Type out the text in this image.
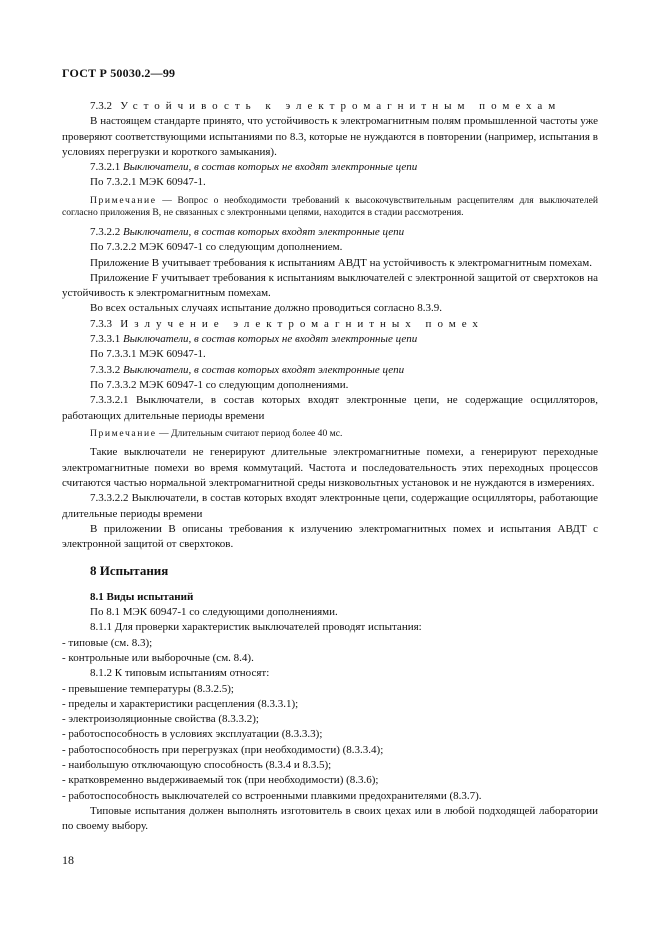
ГОСТ Р 50030.2—99

7.3.2 Устойчивость к электромагнитным помехам

В настоящем стандарте принято, что устойчивость к электромагнитным полям промышленной частоты уже проверяют соответствующими испытаниями по 8.3, которые не нуждаются в повторении (например, испытания в условиях перегрузки и короткого замыкания).

7.3.2.1 Выключатели, в состав которых не входят электронные цепи

По 7.3.2.1 МЭК 60947-1.

Примечание — Вопрос о необходимости требований к высокочувствительным расцепителям для выключателей согласно приложения В, не связанных с электронными цепями, находится в стадии рассмотрения.

7.3.2.2 Выключатели, в состав которых входят электронные цепи

По 7.3.2.2 МЭК 60947-1 со следующим дополнением.

Приложение В учитывает требования к испытаниям АВДТ на устойчивость к электромагнитным помехам.

Приложение F учитывает требования к испытаниям выключателей с электронной защитой от сверхтоков на устойчивость к электромагнитным помехам.

Во всех остальных случаях испытание должно проводиться согласно 8.3.9.

7.3.3 Излучение электромагнитных помех

7.3.3.1 Выключатели, в состав которых не входят электронные цепи

По 7.3.3.1 МЭК 60947-1.

7.3.3.2 Выключатели, в состав которых входят электронные цепи

По 7.3.3.2 МЭК 60947-1 со следующим дополнениями.

7.3.3.2.1 Выключатели, в состав которых входят электронные цепи, не содержащие осцилляторов, работающих длительные периоды времени

Примечание — Длительным считают период более 40 мс.

Такие выключатели не генерируют длительные электромагнитные помехи, а генерируют переходные электромагнитные помехи во время коммутаций. Частота и последовательность этих переходных процессов считаются частью нормальной электромагнитной среды низковольтных установок и не нуждаются в измерениях.

7.3.3.2.2 Выключатели, в состав которых входят электронные цепи, содержащие осцилляторы, работающие длительные периоды времени

В приложении В описаны требования к излучению электромагнитных помех и испытания АВДТ с электронной защитой от сверхтоков.

8 Испытания

8.1 Виды испытаний

По 8.1 МЭК 60947-1 со следующими дополнениями.

8.1.1 Для проверки характеристик выключателей проводят испытания:

- типовые (см. 8.3);

- контрольные или выборочные (см. 8.4).

8.1.2 К типовым испытаниям относят:

- превышение температуры (8.3.2.5);

- пределы и характеристики расцепления (8.3.3.1);

- электроизоляционные свойства (8.3.3.2);

- работоспособность в условиях эксплуатации (8.3.3.3);

- работоспособность при перегрузках (при необходимости) (8.3.3.4);

- наибольшую отключающую способность (8.3.4 и 8.3.5);

- кратковременно выдерживаемый ток (при необходимости) (8.3.6);

- работоспособность выключателей со встроенными плавкими предохранителями (8.3.7).

Типовые испытания должен выполнять изготовитель в своих цехах или в любой подходящей лаборатории по своему выбору.

18
